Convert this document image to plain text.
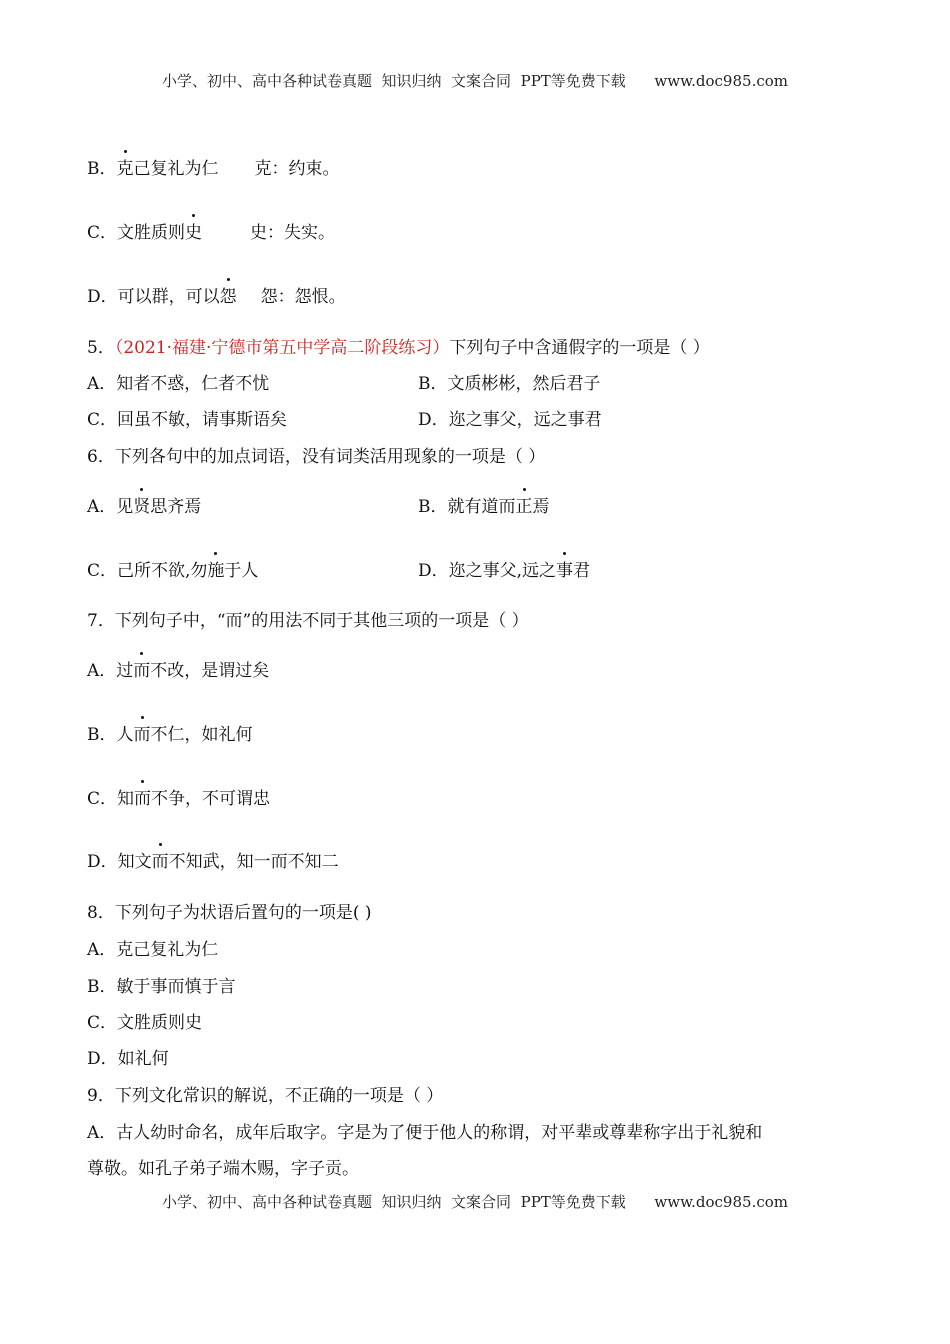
小学、初中、高中各种试卷真题  知识归纳  文案合同  PPT等免费下载      www.doc985.com
B．克己复礼为仁 克：约束。
C．文胜质则史	史：失实。
D．可以群，可以怨 怨：怨恨。
5．（2021·福建·宁德市第五中学高二阶段练习）下列句子中含通假字的一项是（ ）
A．知者不惑，仁者不忧	B．文质彬彬，然后君子
C．回虽不敏，请事斯语矣	D．迩之事父，远之事君
6．下列各句中的加点词语，没有词类活用现象的一项是（ ）
A．见贤思齐焉	B．就有道而正焉
C．己所不欲,勿施于人	D．迩之事父,远之事君
7．下列句子中，“而”的用法不同于其他三项的一项是（ ）
A．过而不改，是谓过矣
B．人而不仁，如礼何
C．知而不争，不可谓忠
D．知文而不知武，知一而不知二
8．下列句子为状语后置句的一项是( )
A．克己复礼为仁
B．敏于事而慎于言
C．文胜质则史
D．如礼何
9．下列文化常识的解说，不正确的一项是（ ）
A．古人幼时命名，成年后取字。字是为了便于他人的称谓，对平辈或尊辈称字出于礼貌和
尊敬。如孔子弟子端木赐，字子贡。
小学、初中、高中各种试卷真题  知识归纳  文案合同  PPT等免费下载      www.doc985.com
